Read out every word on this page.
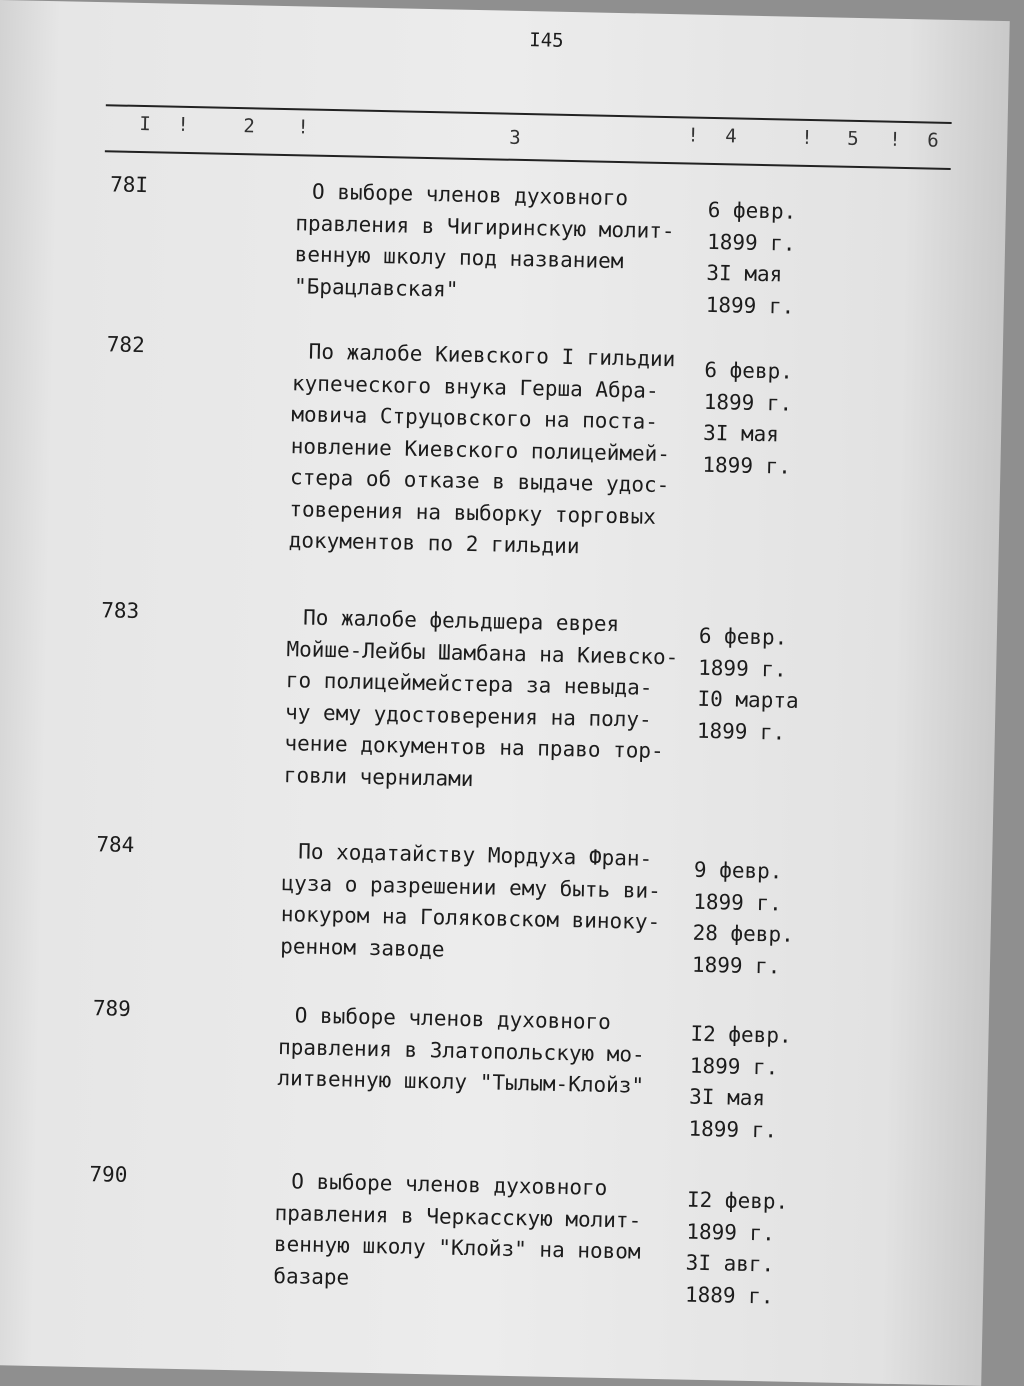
I45
I !	2 !	3	! 4	! 5 ! 6
78I	О выборе членов духовного
правления в Чигиринскую молит-
венную школу под названием
"Брацлавская"
6 февр.
1899 г.
3I мая
1899 г.
782	По жалобе Киевского I гильдии
купеческого внука Герша Абра-
мовича Струцовского на поста-
новление Киевского полицеймей-
стера об отказе в выдаче удос-
товерения на выборку торговых
документов по 2 гильдии
6 февр.
1899 г.
3I мая
1899 г.
783	По жалобе фельдшера еврея
Мойше-Лейбы Шамбана на Киевско-
го полицеймейстера за невыда-
чу ему удостоверения на полу-
чение документов на право тор-
говли чернилами
6 февр.
1899 г.
I0 марта
1899 г.
784	По ходатайству Мордуха Фран-
цуза о разрешении ему быть ви-
нокуром на Голяковском виноку-
ренном заводе
9 февр.
1899 г.
28 февр.
1899 г.
789	О выборе членов духовного
правления в Златопольскую мо-
литвенную школу "Тылым-Клойз"
I2 февр.
1899 г.
3I мая
1899 г.
790	О выборе членов духовного
правления в Черкасскую молит-
венную школу "Клойз" на новом
базаре
I2 февр.
1899 г.
3I авг.
1889 г.
